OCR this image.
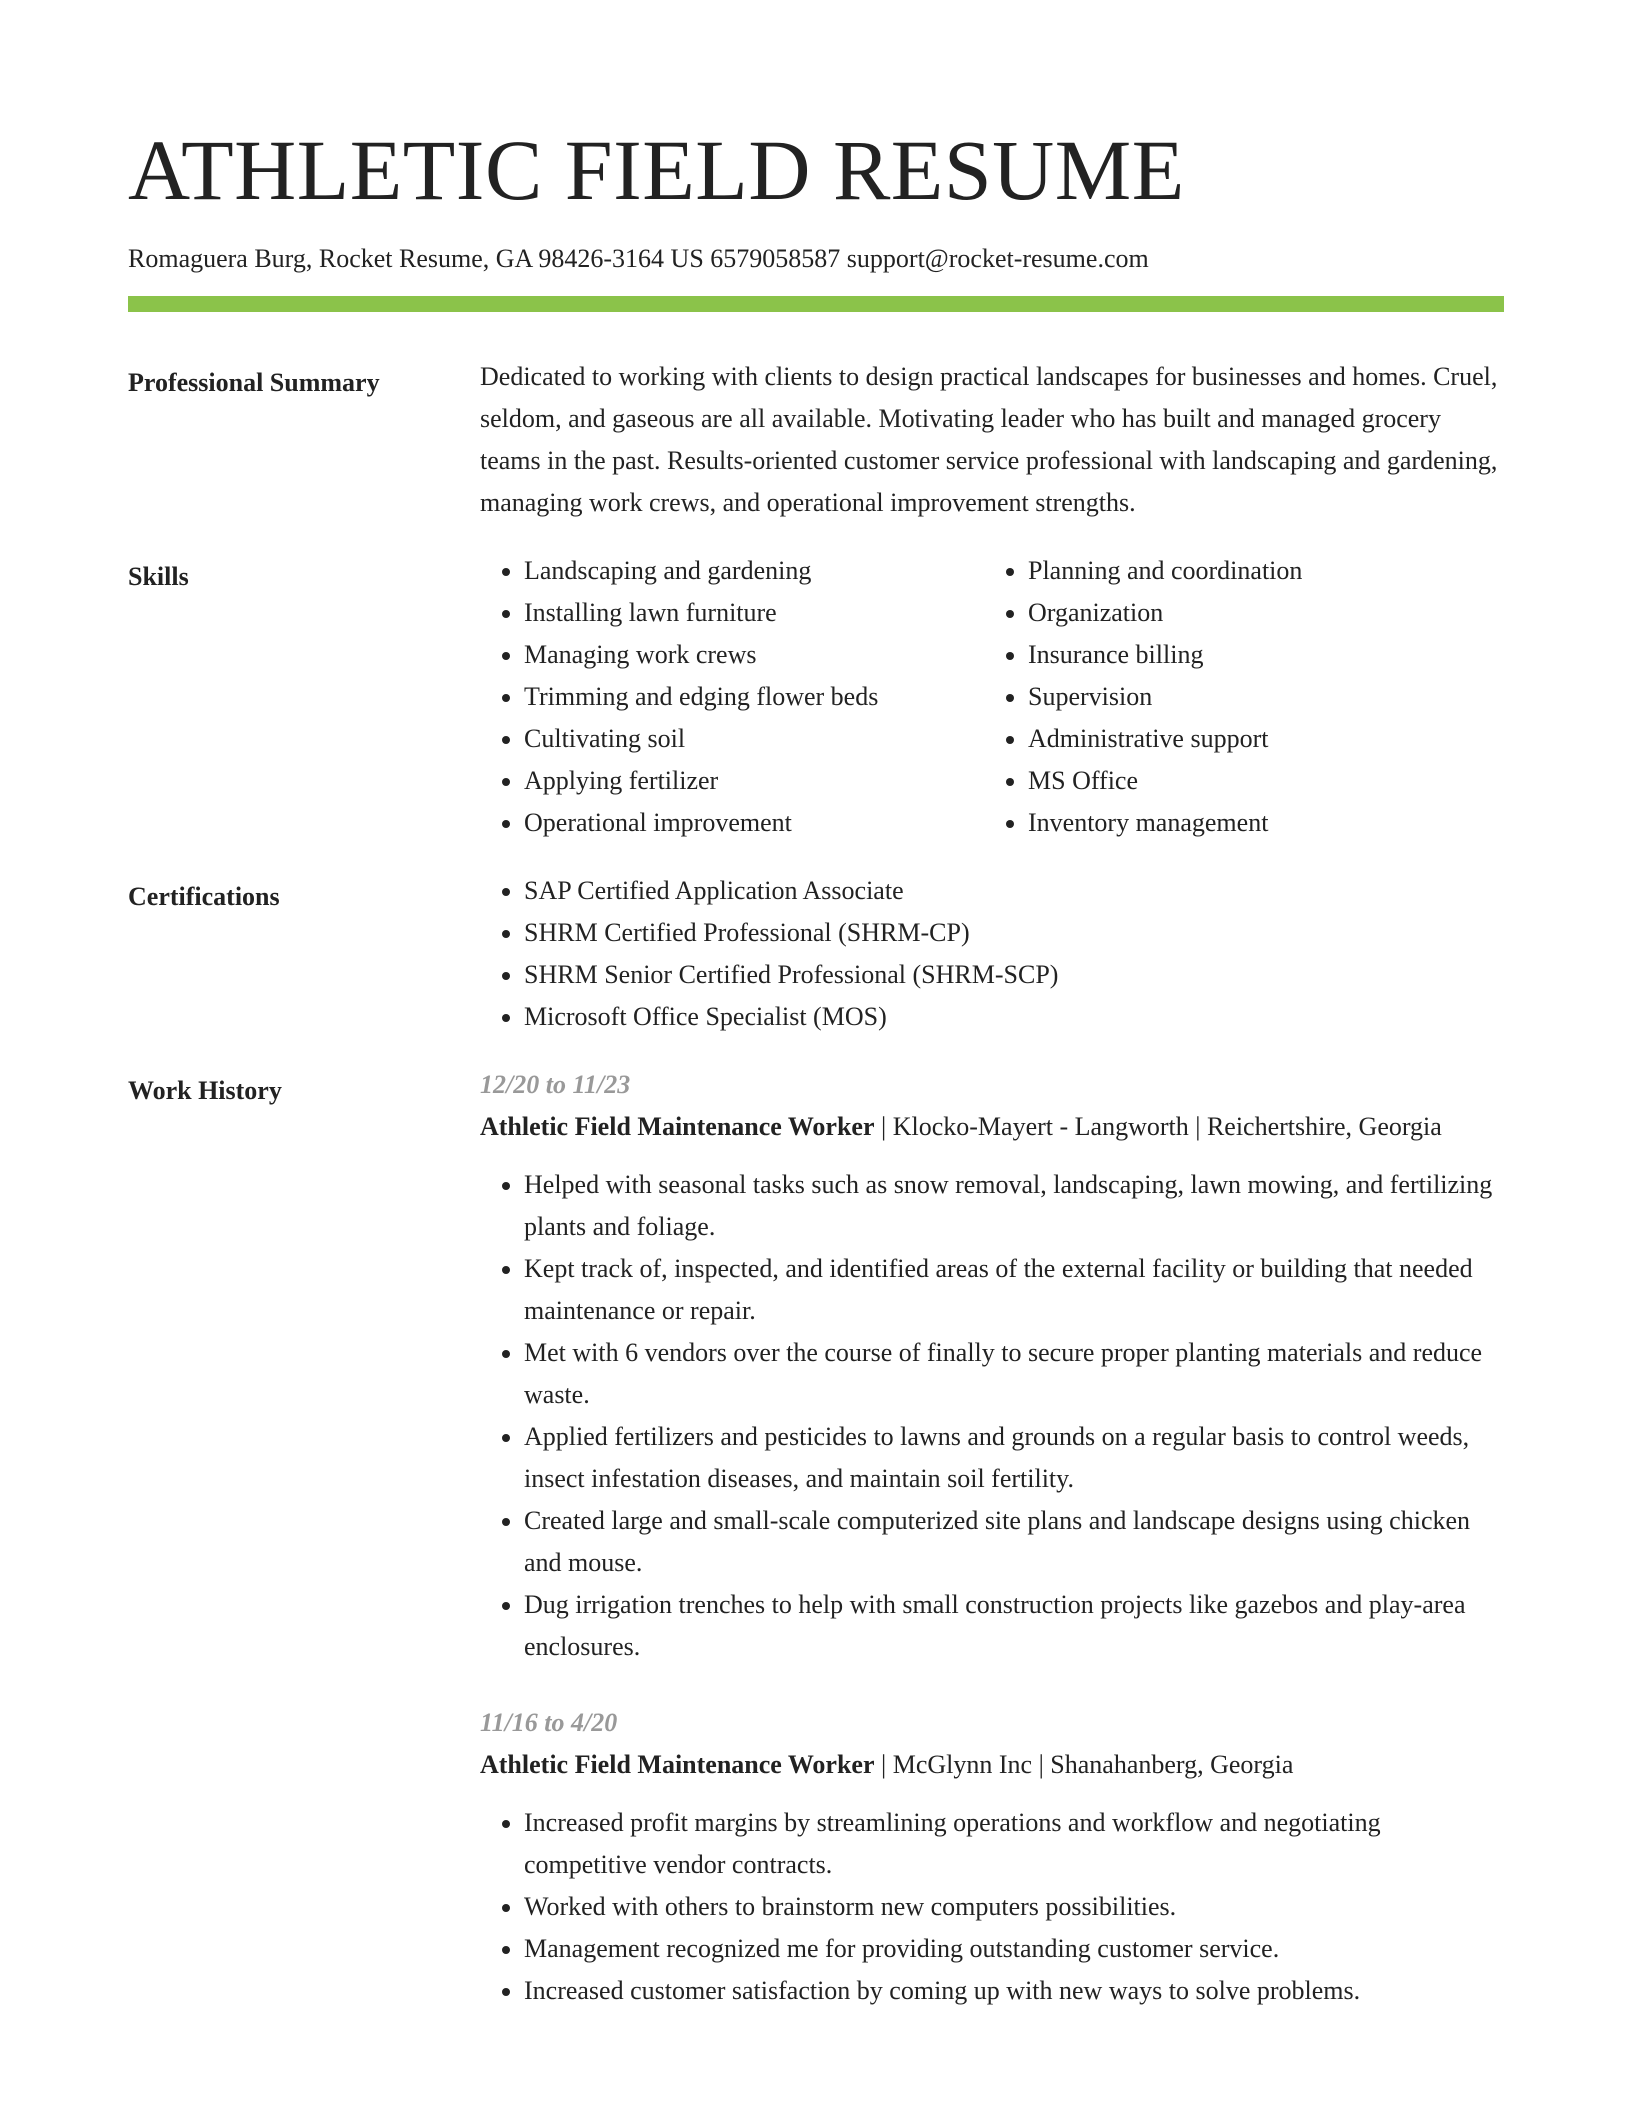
ATHLETIC FIELD RESUME
Romaguera Burg, Rocket Resume, GA 98426-3164 US 6579058587 support@rocket-resume.com
Professional Summary	Dedicated to working with clients to design practical landscapes for businesses and homes. Cruel, seldom, and gaseous are all available. Motivating leader who has built and managed grocery teams in the past. Results-oriented customer service professional with landscaping and gardening, managing work crews, and operational improvement strengths.

Skills	• Landscaping and gardening
• Installing lawn furniture
• Managing work crews
• Trimming and edging flower beds
• Cultivating soil
• Applying fertilizer
• Operational improvement
• Planning and coordination
• Organization
• Insurance billing
• Supervision
• Administrative support
• MS Office
• Inventory management
Certifications	• SAP Certified Application Associate
• SHRM Certified Professional (SHRM-CP)
• SHRM Senior Certified Professional (SHRM-SCP)
• Microsoft Office Specialist (MOS)
Work History	12/20 to 11/23
Athletic Field Maintenance Worker | Klocko-Mayert - Langworth | Reichertshire, Georgia
• Helped with seasonal tasks such as snow removal, landscaping, lawn mowing, and fertilizing plants and foliage.
• Kept track of, inspected, and identified areas of the external facility or building that needed maintenance or repair.
• Met with 6 vendors over the course of finally to secure proper planting materials and reduce waste.
• Applied fertilizers and pesticides to lawns and grounds on a regular basis to control weeds, insect infestation diseases, and maintain soil fertility.
• Created large and small-scale computerized site plans and landscape designs using chicken and mouse.
• Dug irrigation trenches to help with small construction projects like gazebos and play-area enclosures.
11/16 to 4/20
Athletic Field Maintenance Worker | McGlynn Inc | Shanahanberg, Georgia
• Increased profit margins by streamlining operations and workflow and negotiating competitive vendor contracts.
• Worked with others to brainstorm new computers possibilities.
• Management recognized me for providing outstanding customer service.
• Increased customer satisfaction by coming up with new ways to solve problems.
